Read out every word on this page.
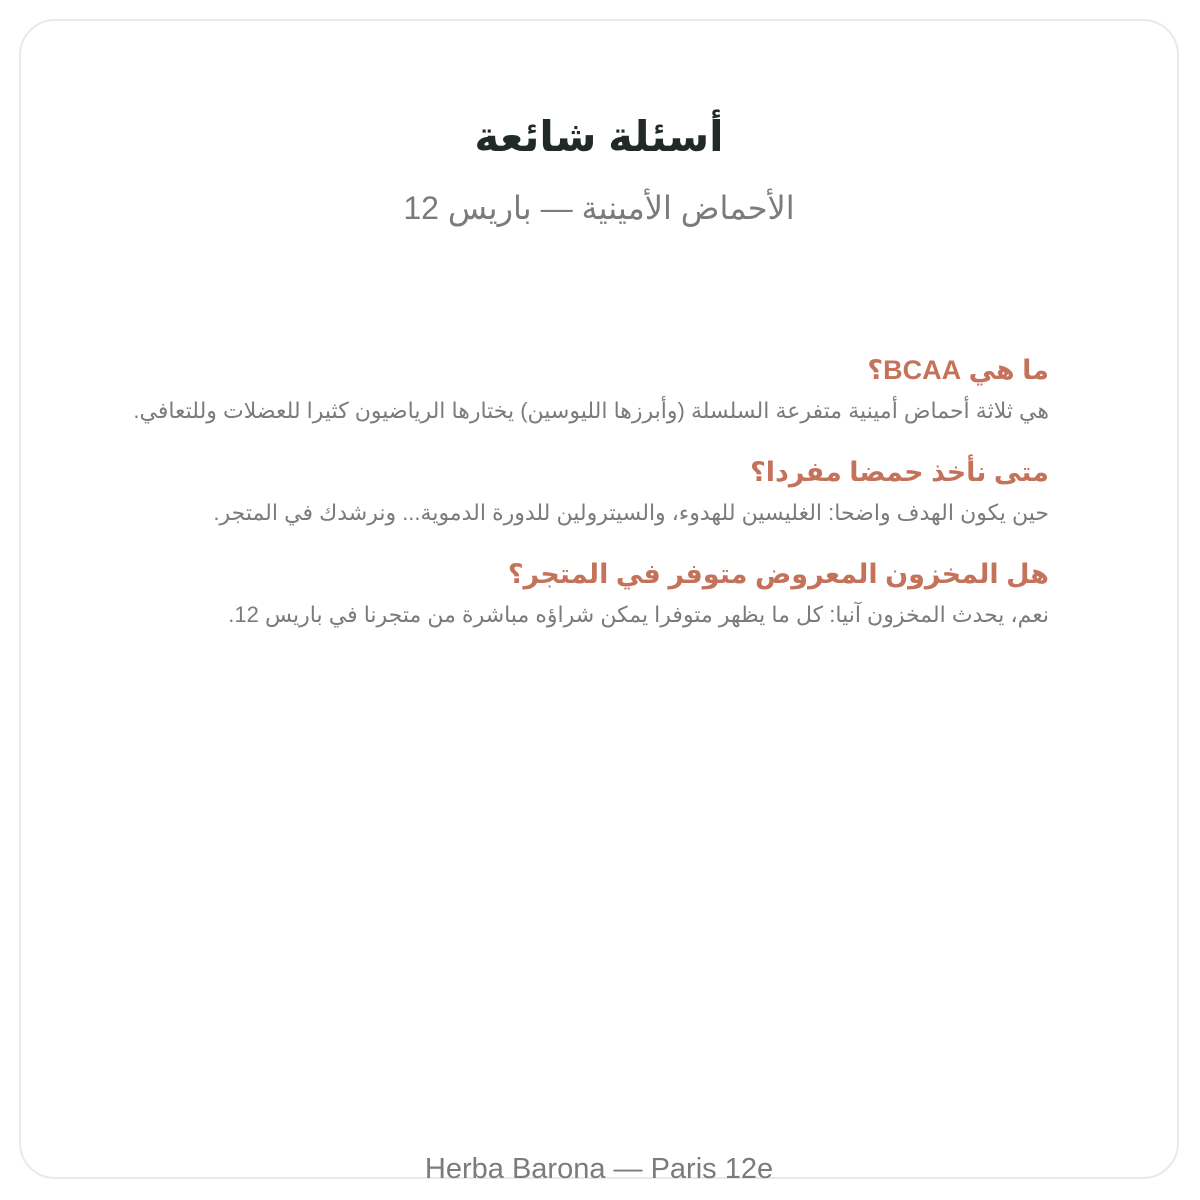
أسئلة شائعة

الأحماض الأمينية — باريس 12

ما هي BCAA؟
هي ثلاثة أحماض أمينية متفرعة السلسلة (وأبرزها الليوسين) يختارها الرياضيون كثيرا للعضلات وللتعافي.
متى نأخذ حمضا مفردا؟
حين يكون الهدف واضحا: الغليسين للهدوء، والسيترولين للدورة الدموية... ونرشدك في المتجر.
هل المخزون المعروض متوفر في المتجر؟
نعم، يحدث المخزون آنيا: كل ما يظهر متوفرا يمكن شراؤه مباشرة من متجرنا في باريس 12.
Herba Barona — Paris 12e
